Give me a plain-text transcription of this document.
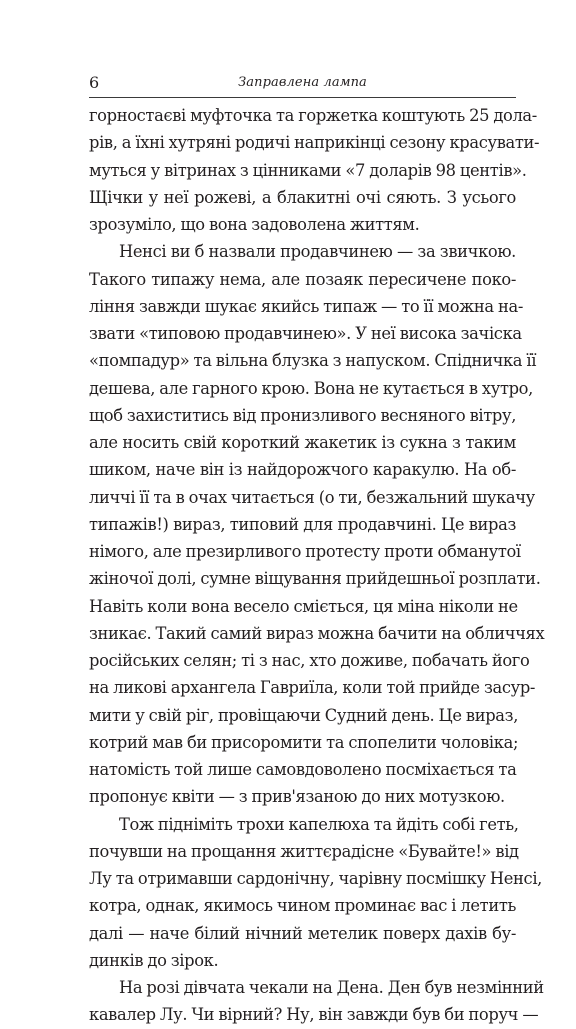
6	Заправлена лампа
горностаєві муфточка та горжетка коштують 25 дола-
рів, а їхні хутряні родичі наприкінці сезону красувати-
муться у вітринах з цінниками «7 доларів 98 центів».
Щічки у неї рожеві, а блакитні очі сяють. З усього
зрозуміло, що вона задоволена життям.
Ненсі ви б назвали продавчинею — за звичкою.
Такого типажу нема, але позаяк пересичене поко-
ління завжди шукає якийсь типаж — то її можна на-
звати «типовою продавчинею». У неї висока зачіска
«помпадур» та вільна блузка з напуском. Спідничка її
дешева, але гарного крою. Вона не кутається в хутро,
щоб захиститись від пронизливого весняного вітру,
але носить свій короткий жакетик із сукна з таким
шиком, наче він із найдорожчого каракулю. На об-
личчі її та в очах читається (о ти, безжальний шукачу
типажів!) вираз, типовий для продавчині. Це вираз
німого, але презирливого протесту проти обманутої
жіночої долі, сумне віщування прийдешньої розплати.
Навіть коли вона весело сміється, ця міна ніколи не
зникає. Такий самий вираз можна бачити на обличчях
російських селян; ті з нас, хто доживе, побачать його
на ликові архангела Гавриїла, коли той прийде засур-
мити у свій ріг, провіщаючи Судний день. Це вираз,
котрий мав би присоромити та спопелити чоловіка;
натомість той лише самовдоволено посміхається та
пропонує квіти — з прив'язаною до них мотузкою.
Тож підніміть трохи капелюха та йдіть собі геть,
почувши на прощання життєрадісне «Бувайте!» від
Лу та отримавши сардонічну, чарівну посмішку Ненсі,
котра, однак, якимось чином проминає вас і летить
далі — наче білий нічний метелик поверх дахів бу-
динків до зірок.
На розі дівчата чекали на Дена. Ден був незмінний
кавалер Лу. Чи вірний? Ну, він завжди був би поруч —
